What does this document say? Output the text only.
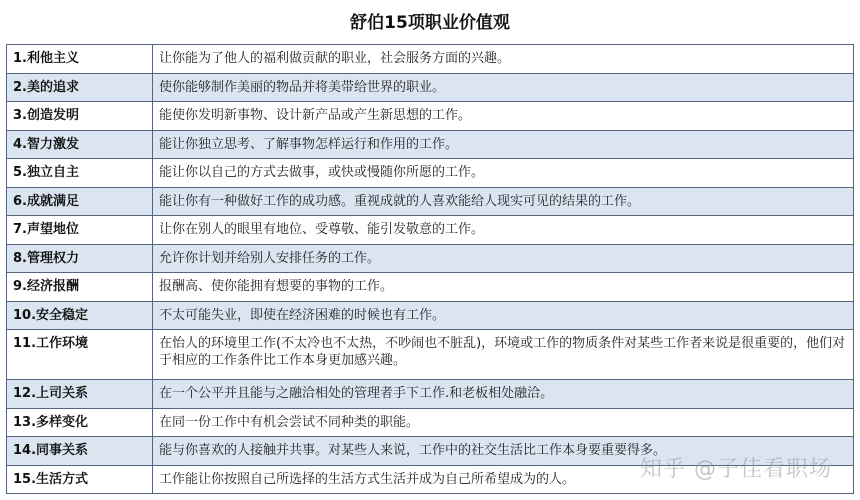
舒伯15项职业价值观
1.利他主义	让你能为了他人的福利做贡献的职业，社会服务方面的兴趣。
2.美的追求	使你能够制作美丽的物品并将美带给世界的职业。
3.创造发明	能使你发明新事物、设计新产品或产生新思想的工作。
4.智力激发	能让你独立思考、了解事物怎样运行和作用的工作。
5.独立自主	能让你以自己的方式去做事，或快或慢随你所愿的工作。
6.成就满足	能让你有一种做好工作的成功感。重视成就的人喜欢能给人现实可见的结果的工作。
7.声望地位	让你在别人的眼里有地位、受尊敬、能引发敬意的工作。
8.管理权力	允许你计划并给别人安排任务的工作。
9.经济报酬	报酬高、使你能拥有想要的事物的工作。
10.安全稳定	不太可能失业，即使在经济困难的时候也有工作。
11.工作环境	在怡人的环境里工作(不太冷也不太热，不吵闹也不脏乱)，环境或工作的物质条件对某些工作者来说是很重要的，他们对于相应的工作条件比工作本身更加感兴趣。
12.上司关系	在一个公平并且能与之融洽相处的管理者手下工作.和老板相处融洽。
13.多样变化	在同一份工作中有机会尝试不同种类的职能。
14.同事关系	能与你喜欢的人接触并共事。对某些人来说，工作中的社交生活比工作本身要重要得多。
15.生活方式	工作能让你按照自己所选择的生活方式生活并成为自己所希望成为的人。	知乎 @子佳看职场
